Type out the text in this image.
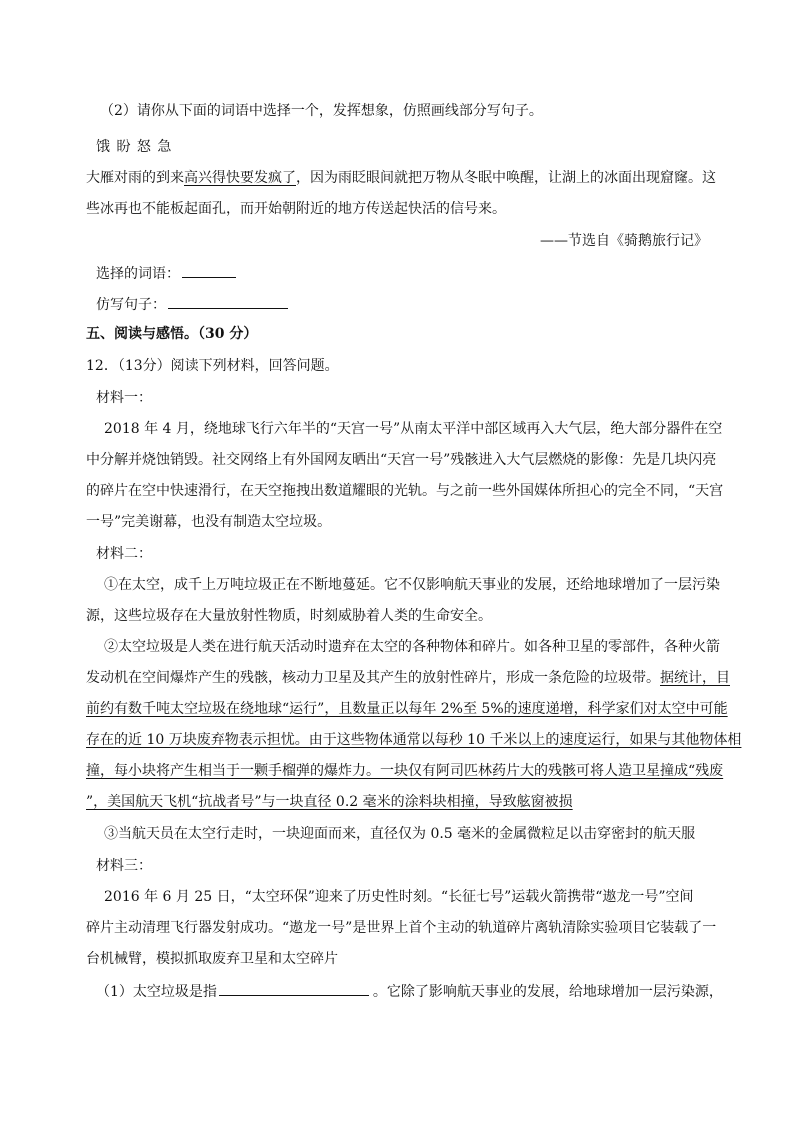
（2）请你从下面的词语中选择一个，发挥想象，仿照画线部分写句子。
饿 盼 怒 急
大雁对雨的到来高兴得快要发疯了，因为雨眨眼间就把万物从冬眠中唤醒，让湖上的冰面出现窟窿。这
些冰再也不能板起面孔，而开始朝附近的地方传送起快活的信号来。
——节选自《骑鹅旅行记》
选择的词语：
仿写句子：
五、阅读与感悟。（30 分）
12．（13分）阅读下列材料，回答问题。
材料一：
2018 年 4 月，绕地球飞行六年半的“天宫一号”从南太平洋中部区域再入大气层，绝大部分器件在空
中分解并烧蚀销毁。社交网络上有外国网友晒出“天宫一号”残骸进入大气层燃烧的影像：先是几块闪亮
的碎片在空中快速滑行，在天空拖拽出数道耀眼的光轨。与之前一些外国媒体所担心的完全不同，“天宫
一号”完美谢幕，也没有制造太空垃圾。
材料二：
①在太空，成千上万吨垃圾正在不断地蔓延。它不仅影响航天事业的发展，还给地球增加了一层污染
源，这些垃圾存在大量放射性物质，时刻威胁着人类的生命安全。
②太空垃圾是人类在进行航天活动时遗弃在太空的各种物体和碎片。如各种卫星的零部件，各种火箭
发动机在空间爆炸产生的残骸，核动力卫星及其产生的放射性碎片，形成一条危险的垃圾带。据统计，目
前约有数千吨太空垃圾在绕地球“运行”，且数量正以每年 2%至 5%的速度递增，科学家们对太空中可能
存在的近 10 万块废弃物表示担忧。由于这些物体通常以每秒 10 千米以上的速度运行，如果与其他物体相
撞，每小块将产生相当于一颗手榴弹的爆炸力。一块仅有阿司匹林药片大的残骸可将人造卫星撞成“残废
”，美国航天飞机“抗战者号”与一块直径 0.2 毫米的涂料块相撞，导致舷窗被损
③当航天员在太空行走时，一块迎面而来，直径仅为 0.5 毫米的金属微粒足以击穿密封的航天服
材料三：
2016 年 6 月 25 日，“太空环保”迎来了历史性时刻。“长征七号”运载火箭携带“遨龙一号”空间
碎片主动清理飞行器发射成功。“遨龙一号”是世界上首个主动的轨道碎片离轨清除实验项目它装载了一
台机械臂，模拟抓取废弃卫星和太空碎片
（1）太空垃圾是指	。它除了影响航天事业的发展，给地球增加一层污染源，
